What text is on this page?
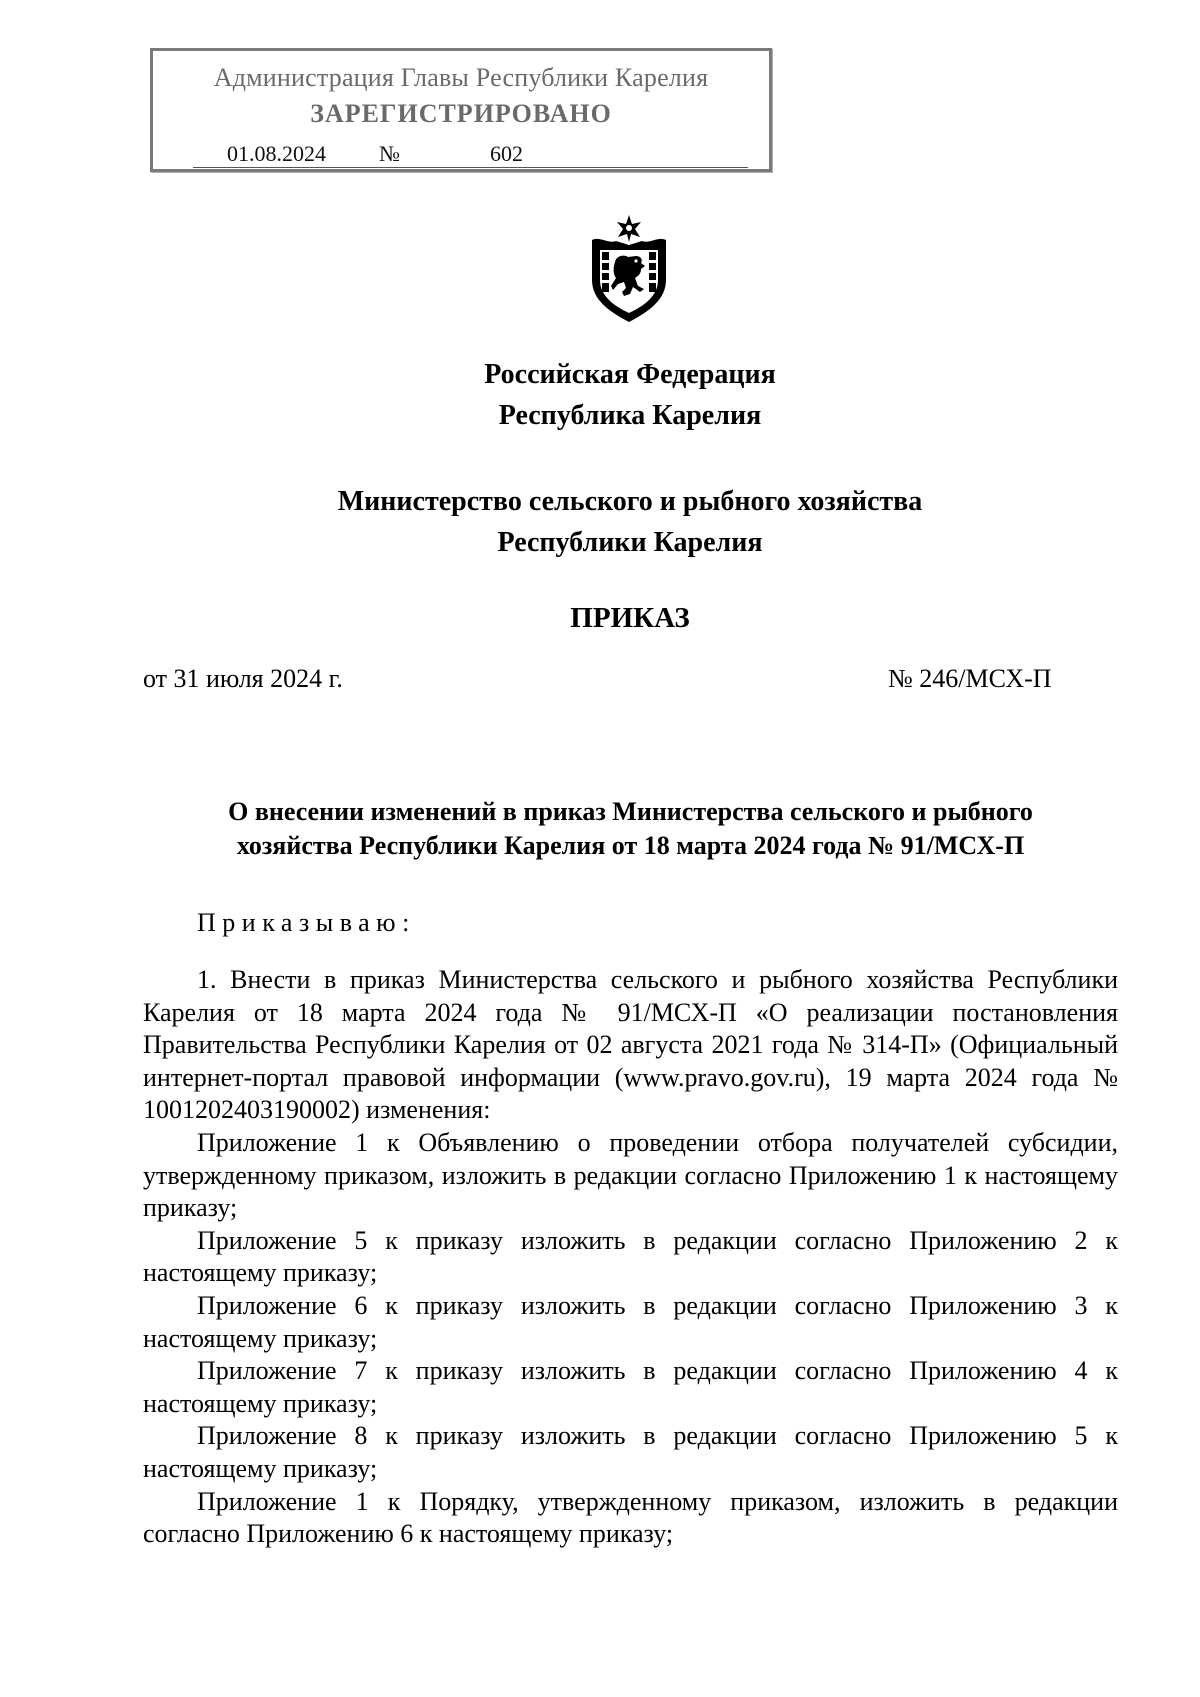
Администрация Главы Республики Карелия
ЗАРЕГИСТРИРОВАНО
01.08.2024 №	602
Российская Федерация
Республика Карелия
Министерство сельского и рыбного хозяйства
Республики Карелия
ПРИКАЗ
от 31 июля 2024 г.	№ 246/МСХ-П
О внесении изменений в приказ Министерства сельского и рыбного
хозяйства Республики Карелия от 18 марта 2024 года № 91/МСХ-П
Приказываю:

1. Внести в приказ Министерства сельского и рыбного хозяйства Республики Карелия от 18 марта 2024 года № 91/МСХ-П «О реализации постановления Правительства Республики Карелия от 02 августа 2021 года № 314-П» (Официальный интернет-портал правовой информации (www.pravo.gov.ru), 19 марта 2024 года № 1001202403190002) изменения:

Приложение 1 к Объявлению о проведении отбора получателей субсидии, утвержденному приказом, изложить в редакции согласно Приложению 1 к настоящему приказу;

Приложение 5 к приказу изложить в редакции согласно Приложению 2 к настоящему приказу;

Приложение 6 к приказу изложить в редакции согласно Приложению 3 к настоящему приказу;

Приложение 7 к приказу изложить в редакции согласно Приложению 4 к настоящему приказу;

Приложение 8 к приказу изложить в редакции согласно Приложению 5 к настоящему приказу;

Приложение 1 к Порядку, утвержденному приказом, изложить в редакции согласно Приложению 6 к настоящему приказу;
